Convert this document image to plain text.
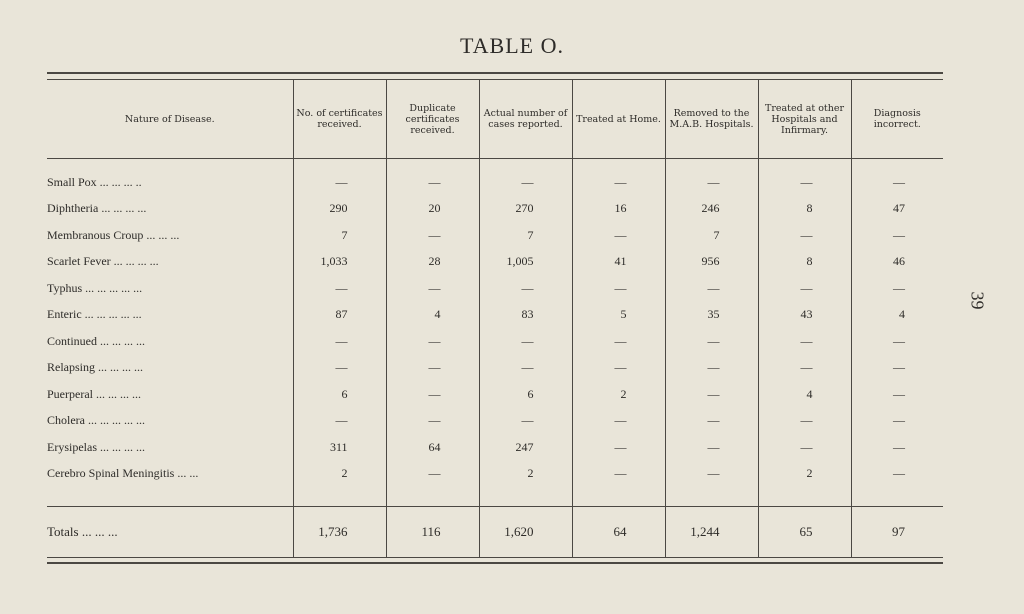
TABLE O.
39

Nature of Disease.	No. of certificates received.	Duplicate certificates received.	Actual number of cases reported.	Treated at Home.	Removed to the M.A.B. Hospitals.	Treated at other Hospitals and Infirmary.	Diagnosis incorrect.

Small Pox ... ... ... ..	—	—	—	—	—	—	—
Diphtheria ... ... ... ...	290	20	270	16	246	8	47
Membranous Croup ... ... ...	7	—	7	—	7	—	—
Scarlet Fever ... ... ... ...	1,033	28	1,005	41	956	8	46
Typhus ... ... ... ... ...	—	—	—	—	—	—	—
Enteric ... ... ... ... ...	87	4	83	5	35	43	4
Continued ... ... ... ...	—	—	—	—	—	—	—
Relapsing ... ... ... ...	—	—	—	—	—	—	—
Puerperal ... ... ... ...	6	—	6	2	—	4	—
Cholera ... ... ... ... ...	—	—	—	—	—	—	—
Erysipelas ... ... ... ...	311	64	247	—	—	—	—
Cerebro Spinal Meningitis ... ...	2	—	2	—	—	2	—

Totals ... ... ...	1,736	116	1,620	64	1,244	65	97
